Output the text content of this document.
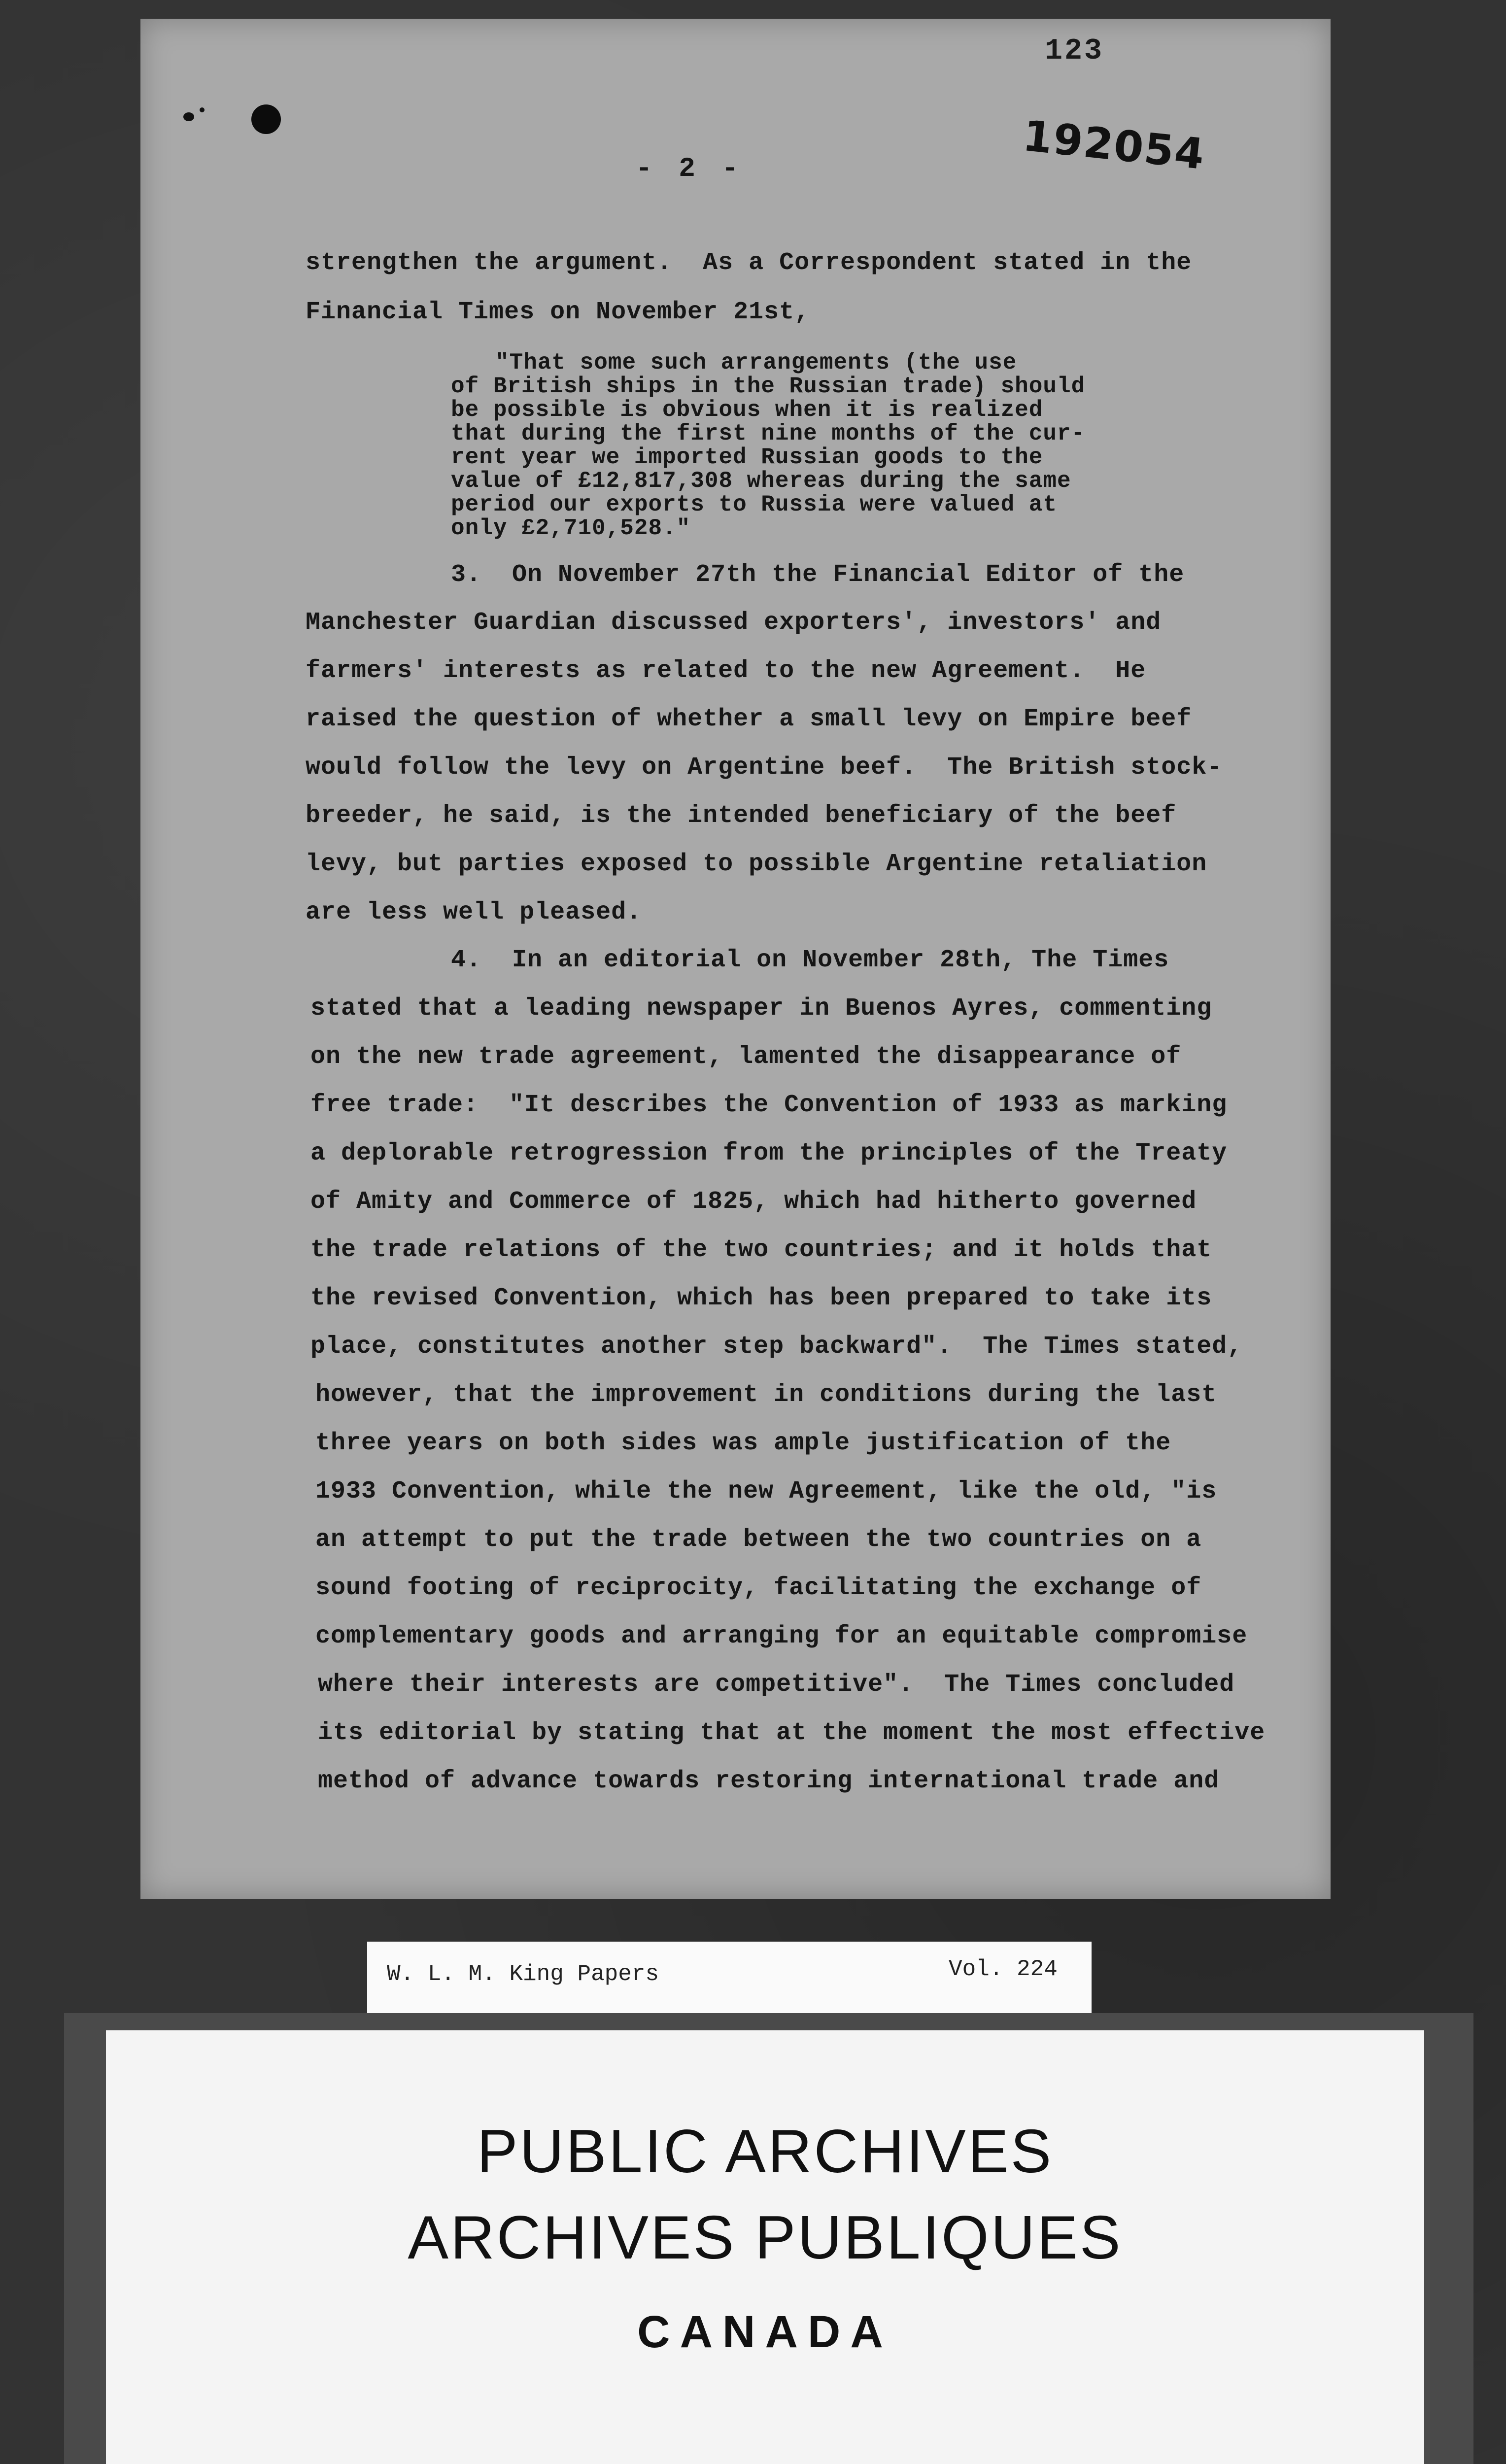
123
192054
- 2 -
strengthen the argument.  As a Correspondent stated in the
Financial Times on November 21st,
"That some such arrangements (the use
of British ships in the Russian trade) should
be possible is obvious when it is realized
that during the first nine months of the cur-
rent year we imported Russian goods to the
value of £12,817,308 whereas during the same
period our exports to Russia were valued at
only £2,710,528."
3.  On November 27th the Financial Editor of the
Manchester Guardian discussed exporters', investors' and
farmers' interests as related to the new Agreement.  He
raised the question of whether a small levy on Empire beef
would follow the levy on Argentine beef.  The British stock-
breeder, he said, is the intended beneficiary of the beef
levy, but parties exposed to possible Argentine retaliation
are less well pleased.
4.  In an editorial on November 28th, The Times
stated that a leading newspaper in Buenos Ayres, commenting
on the new trade agreement, lamented the disappearance of
free trade:  "It describes the Convention of 1933 as marking
a deplorable retrogression from the principles of the Treaty
of Amity and Commerce of 1825, which had hitherto governed
the trade relations of the two countries; and it holds that
the revised Convention, which has been prepared to take its
place, constitutes another step backward".  The Times stated,
however, that the improvement in conditions during the last
three years on both sides was ample justification of the
1933 Convention, while the new Agreement, like the old, "is
an attempt to put the trade between the two countries on a
sound footing of reciprocity, facilitating the exchange of
complementary goods and arranging for an equitable compromise
where their interests are competitive".  The Times concluded
its editorial by stating that at the moment the most effective
method of advance towards restoring international trade and
W. L. M. King Papers	Vol. 224
PUBLIC ARCHIVES
ARCHIVES PUBLIQUES
CANADA
